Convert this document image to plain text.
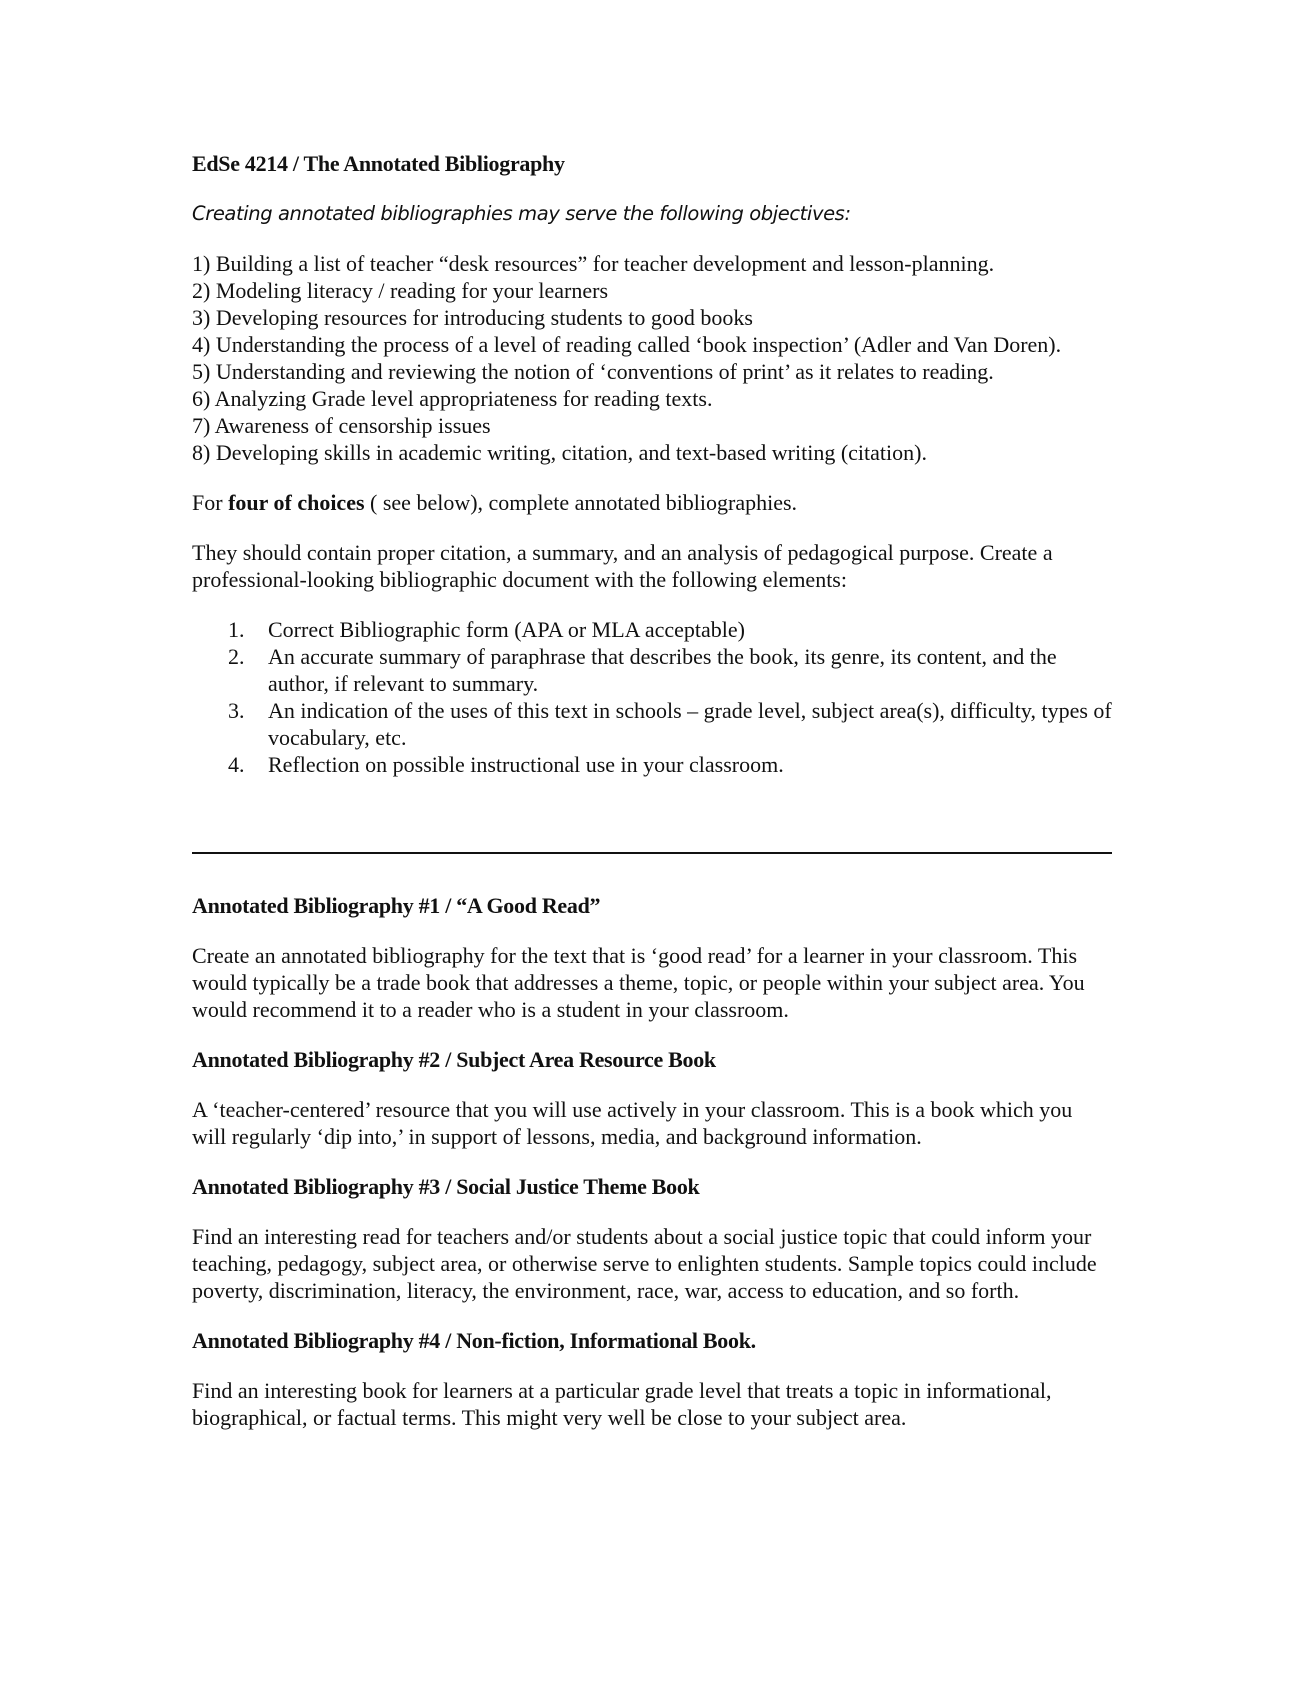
EdSe 4214 / The Annotated Bibliography
Creating annotated bibliographies may serve the following objectives:
1) Building a list of teacher “desk resources” for teacher development and lesson-planning.
2) Modeling literacy / reading for your learners
3) Developing resources for introducing students to good books
4) Understanding the process of a level of reading called ‘book inspection’ (Adler and Van Doren).
5) Understanding and reviewing the notion of ‘conventions of print’ as it relates to reading.
6) Analyzing Grade level appropriateness for reading texts.
7) Awareness of censorship issues
8) Developing skills in academic writing, citation, and text-based writing (citation).

For four of choices ( see below), complete annotated bibliographies.

They should contain proper citation, a summary, and an analysis of pedagogical purpose. Create a professional-looking bibliographic document with the following elements:

1. Correct Bibliographic form (APA or MLA acceptable)
2. An accurate summary of paraphrase that describes the book, its genre, its content, and the author, if relevant to summary.
3. An indication of the uses of this text in schools – grade level, subject area(s), difficulty, types of vocabulary, etc.
4. Reflection on possible instructional use in your classroom.
Annotated Bibliography #1 / “A Good Read”
Create an annotated bibliography for the text that is ‘good read’ for a learner in your classroom. This would typically be a trade book that addresses a theme, topic, or people within your subject area. You would recommend it to a reader who is a student in your classroom.
Annotated Bibliography #2 / Subject Area Resource Book
A ‘teacher-centered’ resource that you will use actively in your classroom. This is a book which you will regularly ‘dip into,’ in support of lessons, media, and background information.
Annotated Bibliography #3 / Social Justice Theme Book
Find an interesting read for teachers and/or students about a social justice topic that could inform your teaching, pedagogy, subject area, or otherwise serve to enlighten students. Sample topics could include poverty, discrimination, literacy, the environment, race, war, access to education, and so forth.
Annotated Bibliography #4 / Non-fiction, Informational Book.
Find an interesting book for learners at a particular grade level that treats a topic in informational, biographical, or factual terms. This might very well be close to your subject area.
